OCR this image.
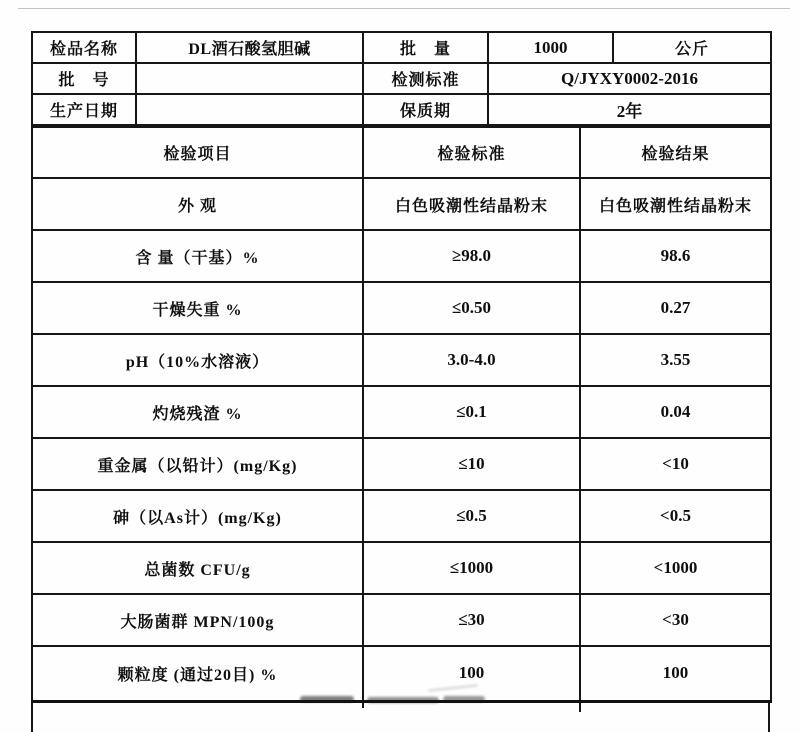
检品名称	DL酒石酸氢胆碱	批　量	1000	公斤
批　号		检测标准	Q/JYXY0002-2016	
生产日期		保质期	2年	
检验项目	检验标准	检验结果
外 观	白色吸潮性结晶粉末	白色吸潮性结晶粉末
含 量（干基）%	≥98.0	98.6
干燥失重 %	≤0.50	0.27
pH（10%水溶液）	3.0-4.0	3.55
灼烧残渣 %	≤0.1	0.04
重金属（以铅计）(mg/Kg)	≤10	<10
砷（以As计）(mg/Kg)	≤0.5	<0.5
总菌数 CFU/g	≤1000	<1000
大肠菌群 MPN/100g	≤30	<30
颗粒度 (通过20目) %	100	100
